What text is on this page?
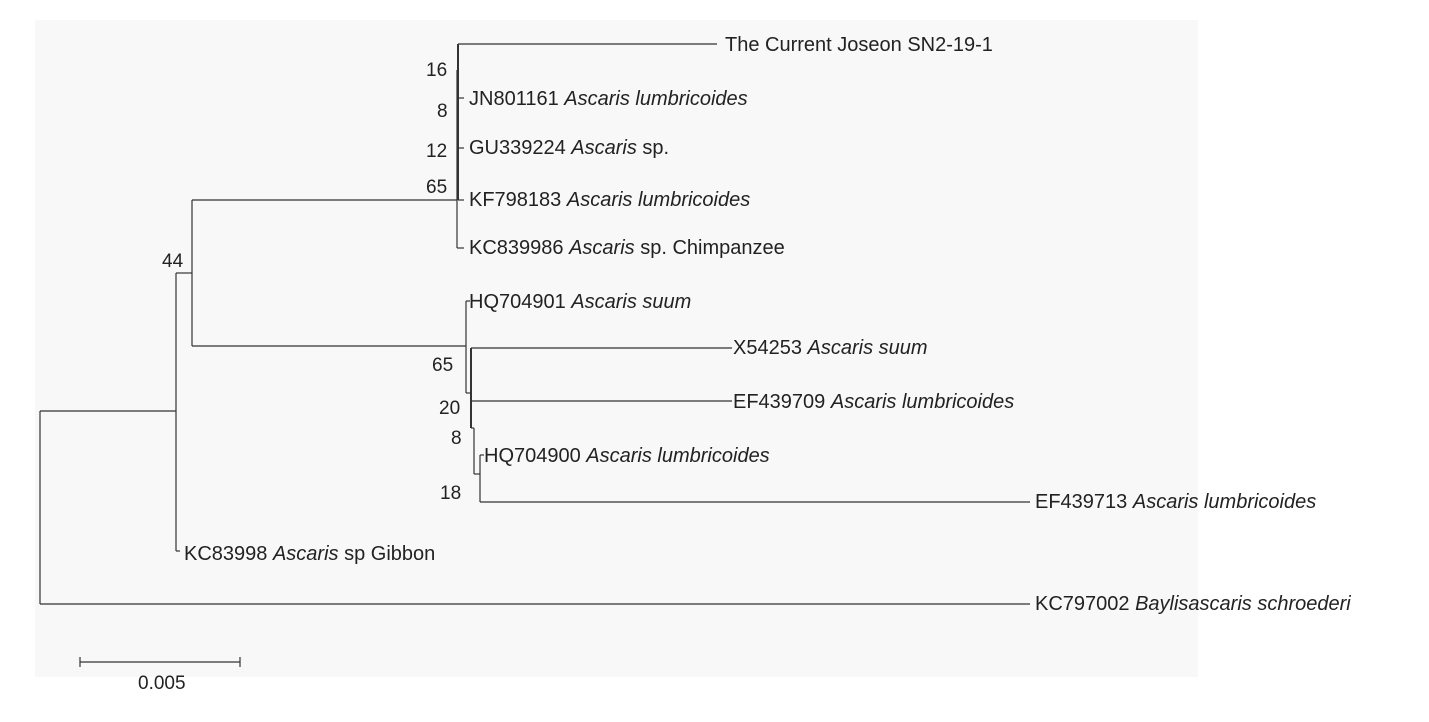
The Current Joseon SN2-19-1
JN801161 Ascaris lumbricoides
GU339224 Ascaris sp.
KF798183 Ascaris lumbricoides
KC839986 Ascaris sp. Chimpanzee
HQ704901 Ascaris suum
X54253 Ascaris suum
EF439709 Ascaris lumbricoides
HQ704900 Ascaris lumbricoides
EF439713 Ascaris lumbricoides
KC83998 Ascaris sp Gibbon
KC797002 Baylisascaris schroederi
16
8
12
65
44
65
20
8
18
0.005
